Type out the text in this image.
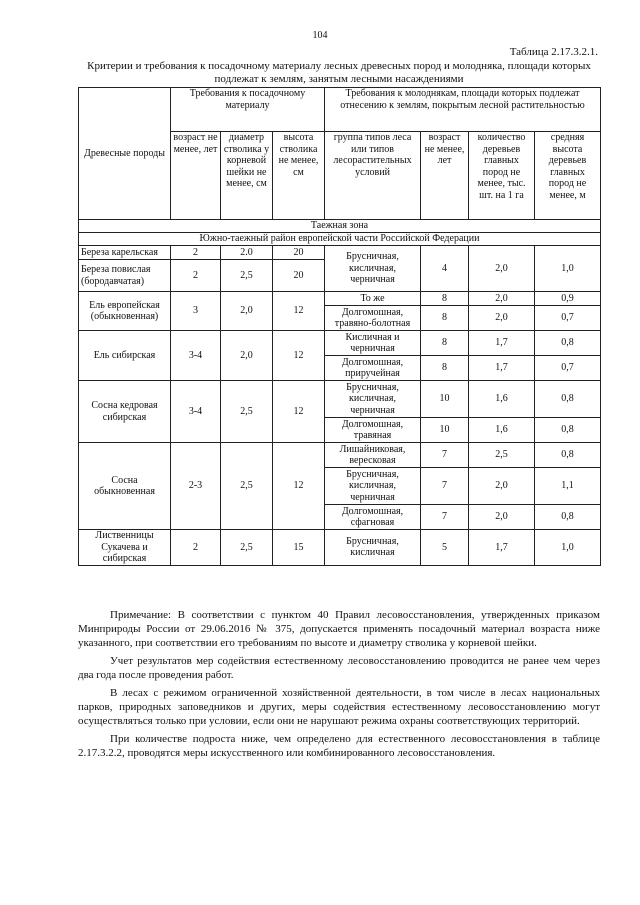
104
Таблица 2.17.3.2.1.
Критерии и требования к посадочному материалу лесных древесных пород и молодняка, площади которых подлежат к землям, занятым лесными насаждениями
Древесные породы	Требования к посадочному материалу			Требования к молоднякам, площади которых подлежат отнесению к землям, покрытым лесной растительностью			
	возраст не менее, лет	диаметр стволика у корневой шейки не менее, см	высота стволика не менее, см	группа типов леса или типов лесорастительных условий	возраст не менее, лет	количество деревьев главных пород не менее, тыс. шт. на 1 га	средняя высота деревьев главных пород не менее, м
Таежная зона							
Южно-таежный район европейской части Российской Федерации							
Береза карельская	2	2.0	20	Брусничная, кисличная, черничная	4	2,0	1,0
Береза повислая (бородавчатая)	2	2,5	20				
Ель европейская (обыкновенная)	3	2,0	12	То же	8	2,0	0,9
				Долгомошная, травяно-болотная	8	2,0	0,7
Ель сибирская	3-4	2,0	12	Кисличная и черничная	8	1,7	0,8
				Долгомошная, приручейная	8	1,7	0,7
Сосна кедровая сибирская	3-4	2,5	12	Брусничная, кисличная, черничная	10	1,6	0,8
				Долгомошная, травяная	10	1,6	0,8
Сосна обыкновенная	2-3	2,5	12	Лишайниковая, вересковая	7	2,5	0,8
				Брусничная, кисличная, черничная	7	2,0	1,1
				Долгомошная, сфагновая	7	2,0	0,8
Лиственницы Сукачева и сибирская	2	2,5	15	Брусничная, кисличная	5	1,7	1,0

Примечание: В соответствии с пунктом 40 Правил лесовосстановления, утвержденных приказом Минприроды России от 29.06.2016 № 375, допускается применять посадочный материал возраста ниже указанного, при соответствии его требованиям по высоте и диаметру стволика у корневой шейки.

Учет результатов мер содействия естественному лесовосстановлению проводится не ранее чем через два года после проведения работ.

В лесах с режимом ограниченной хозяйственной деятельности, в том числе в лесах национальных парков, природных заповедников и других, меры содействия естественному лесовосстановлению могут осуществляться только при условии, если они не нарушают режима охраны соответствующих территорий.

При количестве подроста ниже, чем определено для естественного лесовосстановления в таблице 2.17.3.2.2, проводятся меры искусственного или комбинированного лесовосстановления.
